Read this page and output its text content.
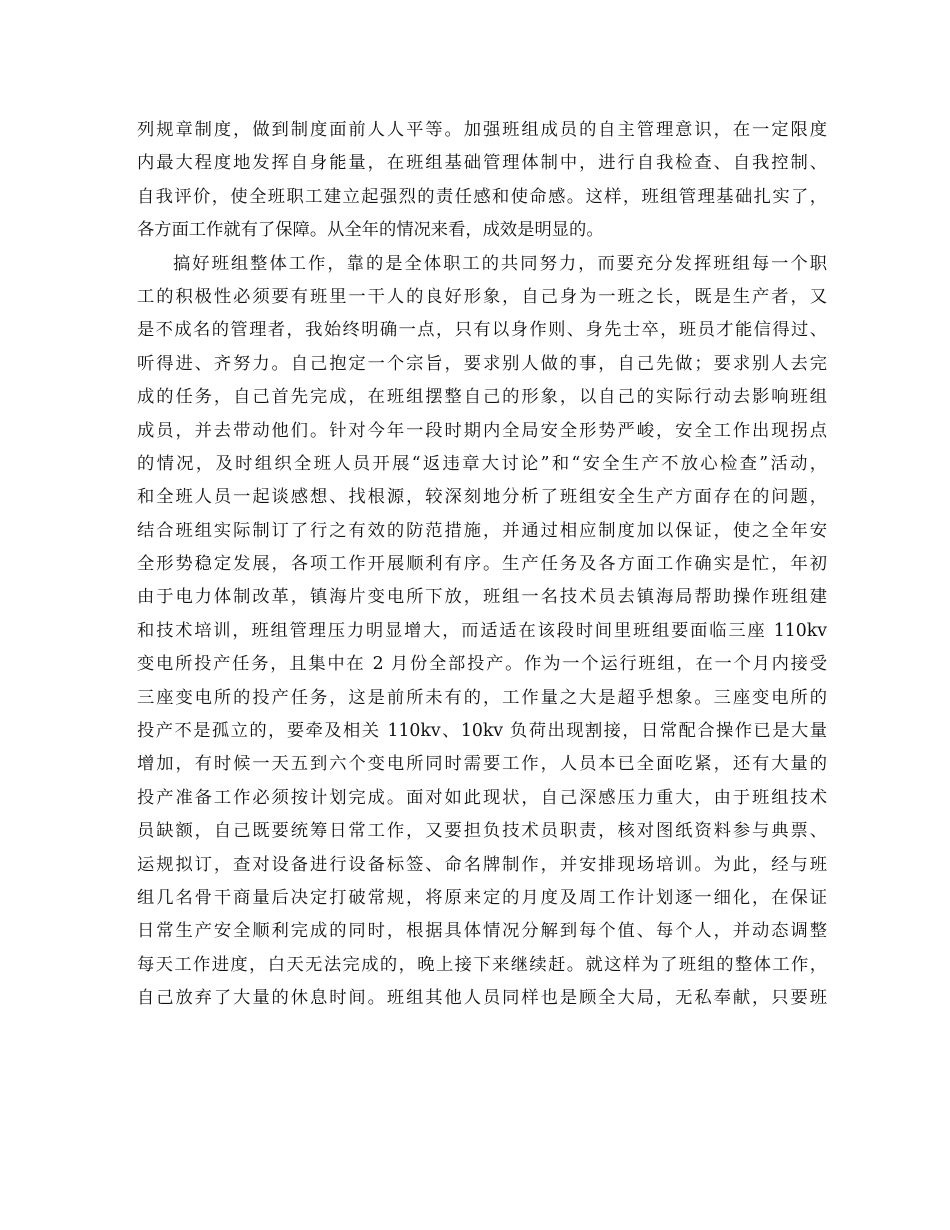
列规章制度，做到制度面前人人平等。加强班组成员的自主管理意识，在一定限度
内最大程度地发挥自身能量，在班组基础管理体制中，进行自我检查、自我控制、
自我评价，使全班职工建立起强烈的责任感和使命感。这样，班组管理基础扎实了，
各方面工作就有了保障。从全年的情况来看，成效是明显的。
搞好班组整体工作，靠的是全体职工的共同努力，而要充分发挥班组每一个职
工的积极性必须要有班里一干人的良好形象，自己身为一班之长，既是生产者，又
是不成名的管理者，我始终明确一点，只有以身作则、身先士卒，班员才能信得过、
听得进、齐努力。自己抱定一个宗旨，要求别人做的事，自己先做；要求别人去完
成的任务，自己首先完成，在班组摆整自己的形象，以自己的实际行动去影响班组
成员，并去带动他们。针对今年一段时期内全局安全形势严峻，安全工作出现拐点
的情况，及时组织全班人员开展“返违章大讨论”和“安全生产不放心检查”活动，
和全班人员一起谈感想、找根源，较深刻地分析了班组安全生产方面存在的问题，
结合班组实际制订了行之有效的防范措施，并通过相应制度加以保证，使之全年安
全形势稳定发展，各项工作开展顺利有序。生产任务及各方面工作确实是忙，年初
由于电力体制改革，镇海片变电所下放，班组一名技术员去镇海局帮助操作班组建
和技术培训，班组管理压力明显增大，而适适在该段时间里班组要面临三座 110kv
变电所投产任务，且集中在 2 月份全部投产。作为一个运行班组，在一个月内接受
三座变电所的投产任务，这是前所未有的，工作量之大是超乎想象。三座变电所的
投产不是孤立的，要牵及相关 110kv、10kv 负荷出现割接，日常配合操作已是大量
增加，有时候一天五到六个变电所同时需要工作，人员本已全面吃紧，还有大量的
投产准备工作必须按计划完成。面对如此现状，自己深感压力重大，由于班组技术
员缺额，自己既要统筹日常工作，又要担负技术员职责，核对图纸资料参与典票、
运规拟订，查对设备进行设备标签、命名牌制作，并安排现场培训。为此，经与班
组几名骨干商量后决定打破常规，将原来定的月度及周工作计划逐一细化，在保证
日常生产安全顺利完成的同时，根据具体情况分解到每个值、每个人，并动态调整
每天工作进度，白天无法完成的，晚上接下来继续赶。就这样为了班组的整体工作，
自己放弃了大量的休息时间。班组其他人员同样也是顾全大局，无私奉献，只要班
